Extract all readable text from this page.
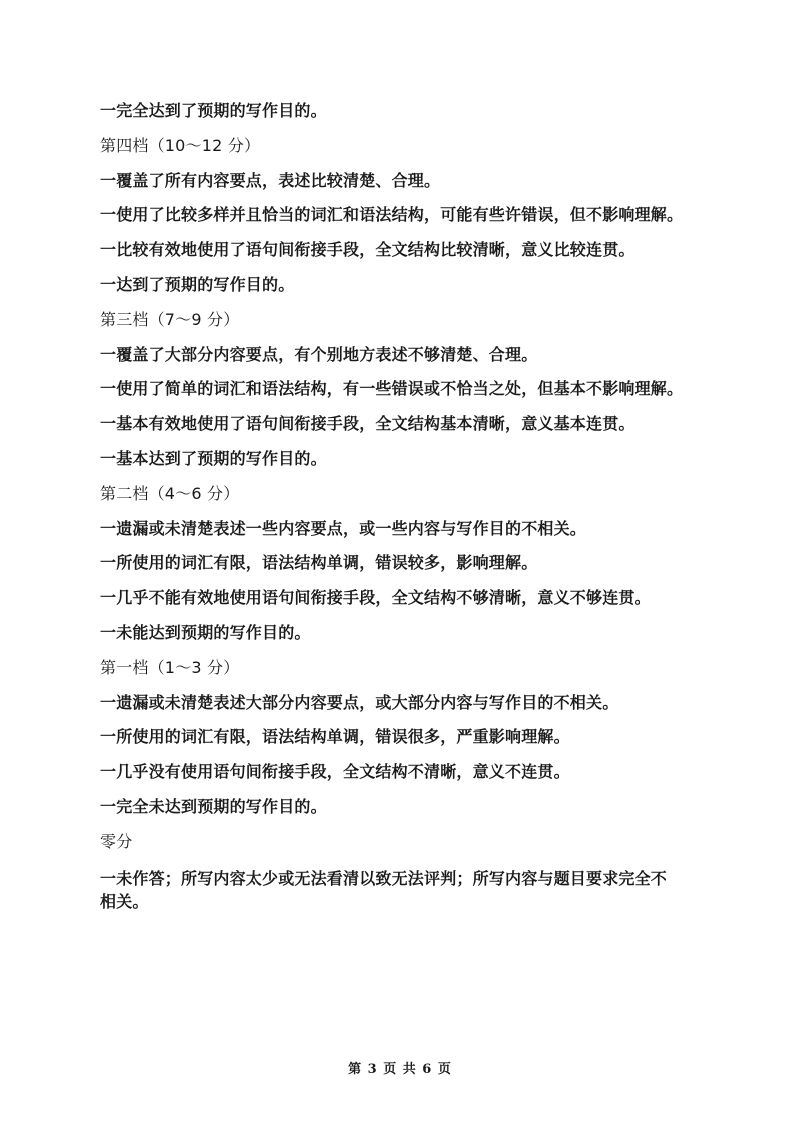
一完全达到了预期的写作目的。
第四档（10～12 分）
一覆盖了所有内容要点，表述比较清楚、合理。
一使用了比较多样并且恰当的词汇和语法结构，可能有些许错误，但不影响理解。
一比较有效地使用了语句间衔接手段，全文结构比较清晰，意义比较连贯。
一达到了预期的写作目的。
第三档（7～9 分）
一覆盖了大部分内容要点，有个别地方表述不够清楚、合理。
一使用了简单的词汇和语法结构，有一些错误或不恰当之处，但基本不影响理解。
一基本有效地使用了语句间衔接手段，全文结构基本清晰，意义基本连贯。
一基本达到了预期的写作目的。
第二档（4～6 分）
一遗漏或未清楚表述一些内容要点，或一些内容与写作目的不相关。
一所使用的词汇有限，语法结构单调，错误较多，影响理解。
一几乎不能有效地使用语句间衔接手段，全文结构不够清晰，意义不够连贯。
一未能达到预期的写作目的。
第一档（1～3 分）
一遗漏或未清楚表述大部分内容要点，或大部分内容与写作目的不相关。
一所使用的词汇有限，语法结构单调，错误很多，严重影响理解。
一几乎没有使用语句间衔接手段，全文结构不清晰，意义不连贯。
一完全未达到预期的写作目的。
零分
一未作答；所写内容太少或无法看清以致无法评判；所写内容与题目要求完全不相关。
第 3 页 共 6 页
